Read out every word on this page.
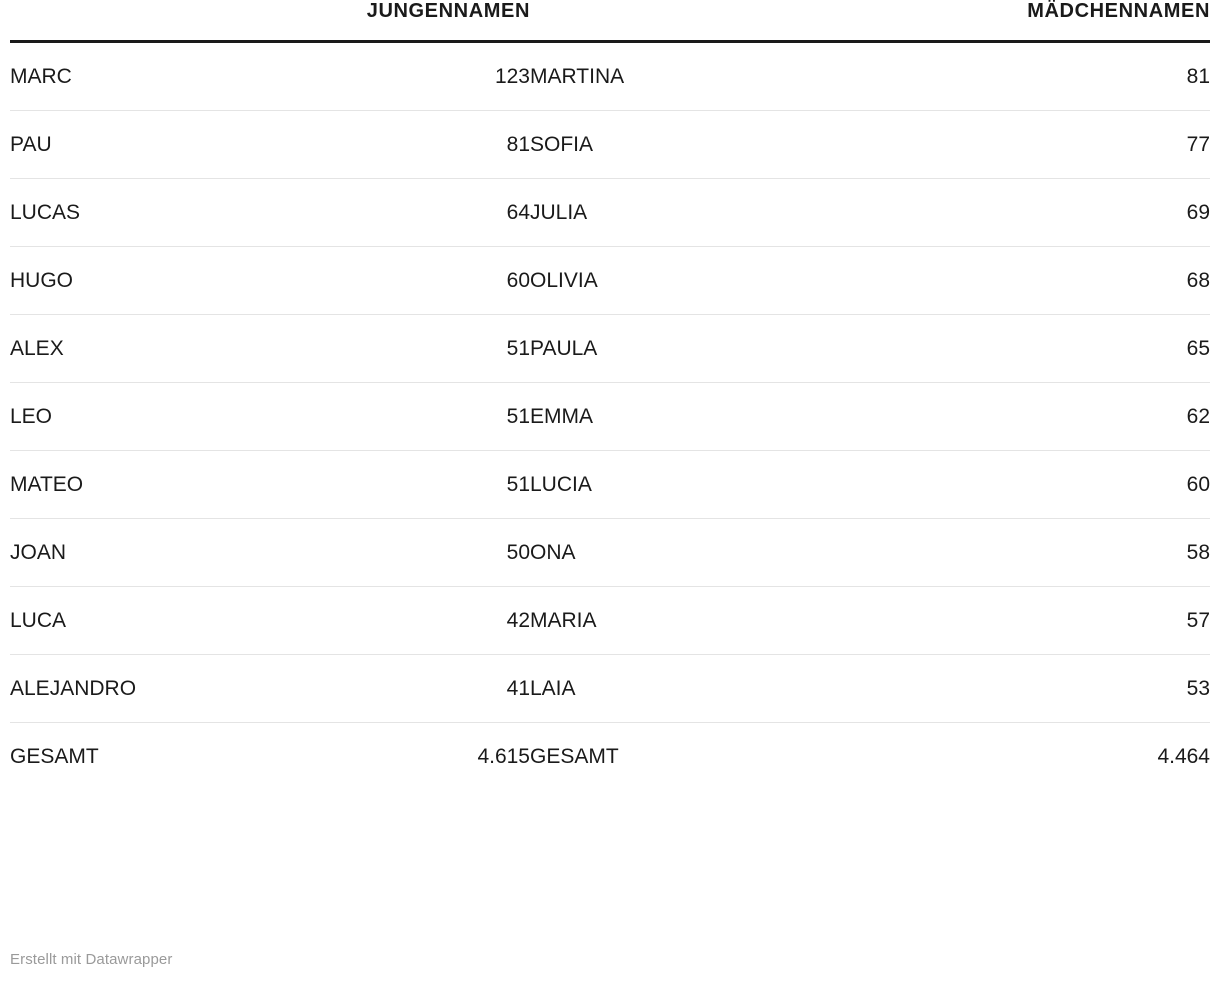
	JUNGENNAMEN		MÄDCHENNAMEN
MARC	123	MARTINA	81
PAU	81	SOFIA	77
LUCAS	64	JULIA	69
HUGO	60	OLIVIA	68
ALEX	51	PAULA	65
LEO	51	EMMA	62
MATEO	51	LUCIA	60
JOAN	50	ONA	58
LUCA	42	MARIA	57
ALEJANDRO	41	LAIA	53
GESAMT	4.615	GESAMT	4.464
Erstellt mit Datawrapper
